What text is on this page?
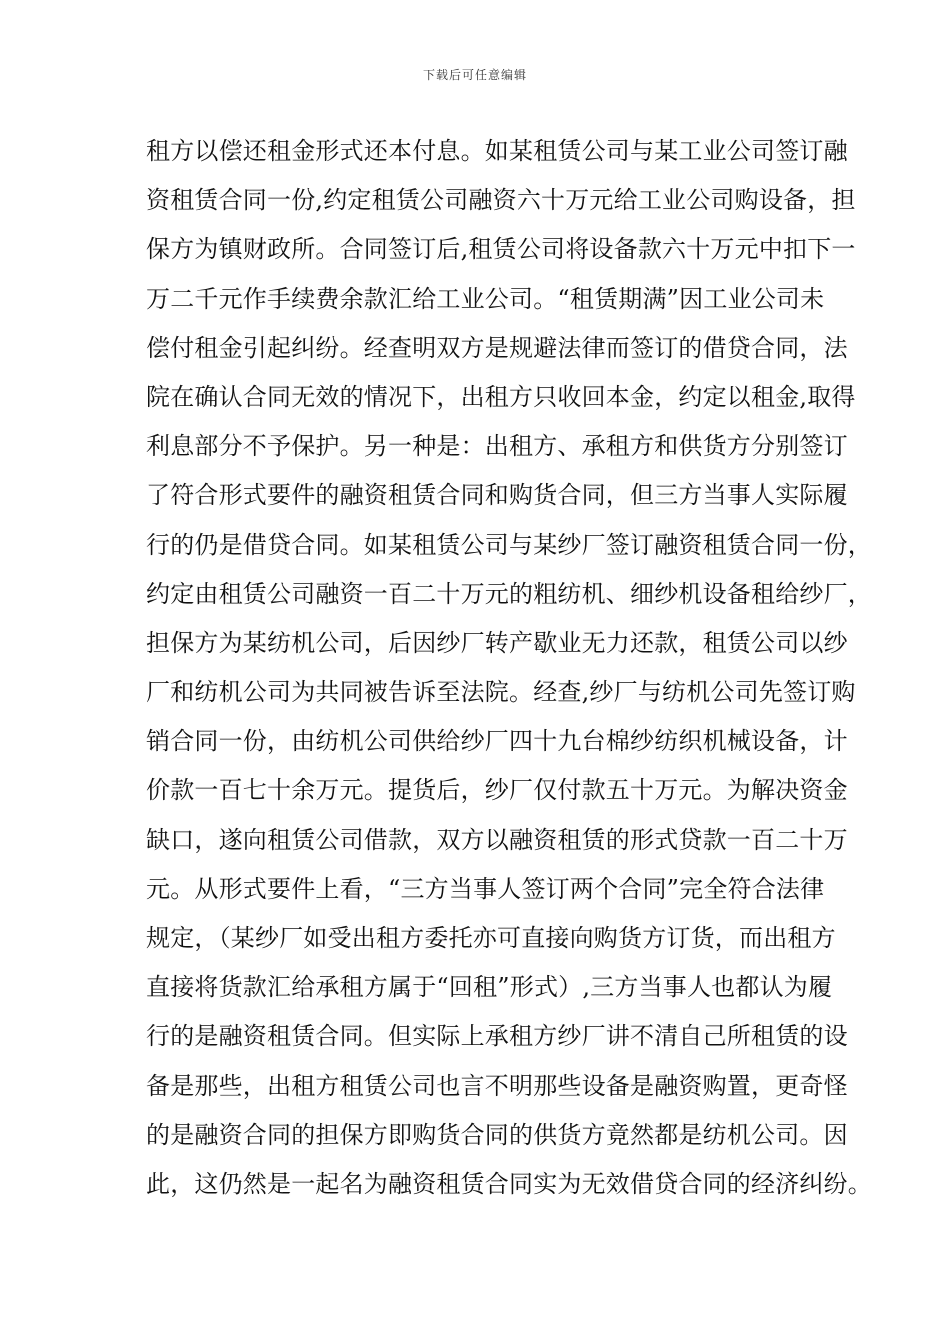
下载后可任意编辑
租方以偿还租金形式还本付息。如某租赁公司与某工业公司签订融
资租赁合同一份,约定租赁公司融资六十万元给工业公司购设备，担
保方为镇财政所。合同签订后,租赁公司将设备款六十万元中扣下一
万二千元作手续费余款汇给工业公司。“租赁期满”因工业公司未
偿付租金引起纠纷。经查明双方是规避法律而签订的借贷合同，法
院在确认合同无效的情况下，出租方只收回本金，约定以租金,取得
利息部分不予保护。另一种是：出租方、承租方和供货方分别签订
了符合形式要件的融资租赁合同和购货合同，但三方当事人实际履
行的仍是借贷合同。如某租赁公司与某纱厂签订融资租赁合同一份，
约定由租赁公司融资一百二十万元的粗纺机、细纱机设备租给纱厂，
担保方为某纺机公司，后因纱厂转产歇业无力还款，租赁公司以纱
厂和纺机公司为共同被告诉至法院。经查,纱厂与纺机公司先签订购
销合同一份，由纺机公司供给纱厂四十九台棉纱纺织机械设备，计
价款一百七十余万元。提货后，纱厂仅付款五十万元。为解决资金
缺口，遂向租赁公司借款，双方以融资租赁的形式贷款一百二十万
元。从形式要件上看，“三方当事人签订两个合同”完全符合法律
规定，（某纱厂如受出租方委托亦可直接向购货方订货，而出租方
直接将货款汇给承租方属于“回租”形式）,三方当事人也都认为履
行的是融资租赁合同。但实际上承租方纱厂讲不清自己所租赁的设
备是那些，出租方租赁公司也言不明那些设备是融资购置，更奇怪
的是融资合同的担保方即购货合同的供货方竟然都是纺机公司。因
此，这仍然是一起名为融资租赁合同实为无效借贷合同的经济纠纷。
